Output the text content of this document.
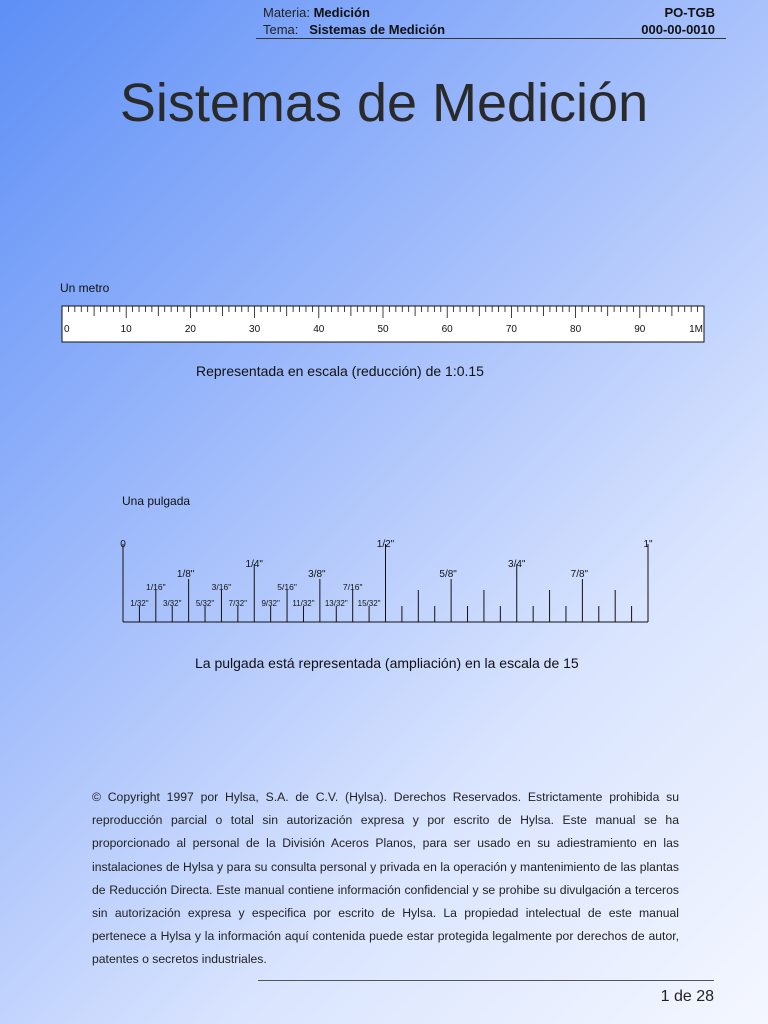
Materia: Medición	PO-TGB
Tema: Sistemas de Medición	000-00-0010
Sistemas de Medición
Un metro
0	10	20	30	40	50	60	70	80	90	1M
Representada en escala (reducción) de 1:0.15
Una pulgada
0	1/2"	1"
1/4"	3/4"
1/8"	3/8"	5/8"	7/8"
1/16"	3/16"	5/16"	7/16"
1/32" 3/32" 5/32" 7/32" 9/32" 11/32" 13/32" 15/32"
La pulgada está representada (ampliación) en la escala de 15
© Copyright 1997 por Hylsa, S.A. de C.V. (Hylsa). Derechos Reservados. Estrictamente prohibida su reproducción parcial o total sin autorización expresa y por escrito de Hylsa. Este manual se ha proporcionado al personal de la División Aceros Planos, para ser usado en su adiestramiento en las instalaciones de Hylsa y para su consulta personal y privada en la operación y mantenimiento de las plantas de Reducción Directa. Este manual contiene información confidencial y se prohibe su divulgación a terceros sin autorización expresa y especifica por escrito de Hylsa. La propiedad intelectual de este manual pertenece a Hylsa y la información aquí contenida puede estar protegida legalmente por derechos de autor, patentes o secretos industriales.
1 de 28
